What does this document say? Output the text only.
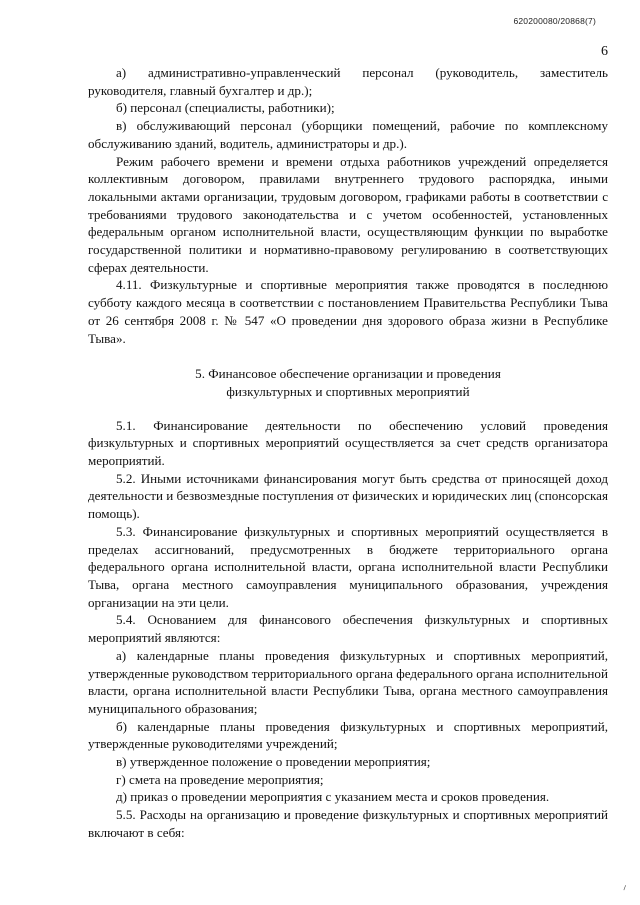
620200080/20868(7)
6

а) административно-управленческий персонал (руководитель, заместитель руководителя, главный бухгалтер и др.);

б) персонал (специалисты, работники);

в) обслуживающий персонал (уборщики помещений, рабочие по комплексному обслуживанию зданий, водитель, администраторы и др.).

Режим рабочего времени и времени отдыха работников учреждений определяется коллективным договором, правилами внутреннего трудового распорядка, иными локальными актами организации, трудовым договором, графиками работы в соответствии с требованиями трудового законодательства и с учетом особенностей, установленных федеральным органом исполнительной власти, осуществляющим функции по выработке государственной политики и нормативно-правовому регулированию в соответствующих сферах деятельности.

4.11. Физкультурные и спортивные мероприятия также проводятся в последнюю субботу каждого месяца в соответствии с постановлением Правительства Республики Тыва от 26 сентября 2008 г. № 547 «О проведении дня здорового образа жизни в Республике Тыва».

5. Финансовое обеспечение организации и проведения
физкультурных и спортивных мероприятий

5.1. Финансирование деятельности по обеспечению условий проведения физкультурных и спортивных мероприятий осуществляется за счет средств организатора мероприятий.

5.2. Иными источниками финансирования могут быть средства от приносящей доход деятельности и безвозмездные поступления от физических и юридических лиц (спонсорская помощь).

5.3. Финансирование физкультурных и спортивных мероприятий осуществляется в пределах ассигнований, предусмотренных в бюджете территориального органа федерального органа исполнительной власти, органа исполнительной власти Республики Тыва, органа местного самоуправления муниципального образования, учреждения организации на эти цели.

5.4. Основанием для финансового обеспечения физкультурных и спортивных мероприятий являются:

а) календарные планы проведения физкультурных и спортивных мероприятий, утвержденные руководством территориального органа федерального органа исполнительной власти, органа исполнительной власти Республики Тыва, органа местного самоуправления муниципального образования;

б) календарные планы проведения физкультурных и спортивных мероприятий, утвержденные руководителями учреждений;

в) утвержденное положение о проведении мероприятия;

г) смета на проведение мероприятия;

д) приказ о проведении мероприятия с указанием места и сроков проведения.

5.5. Расходы на организацию и проведение физкультурных и спортивных мероприятий включают в себя:

⸝
